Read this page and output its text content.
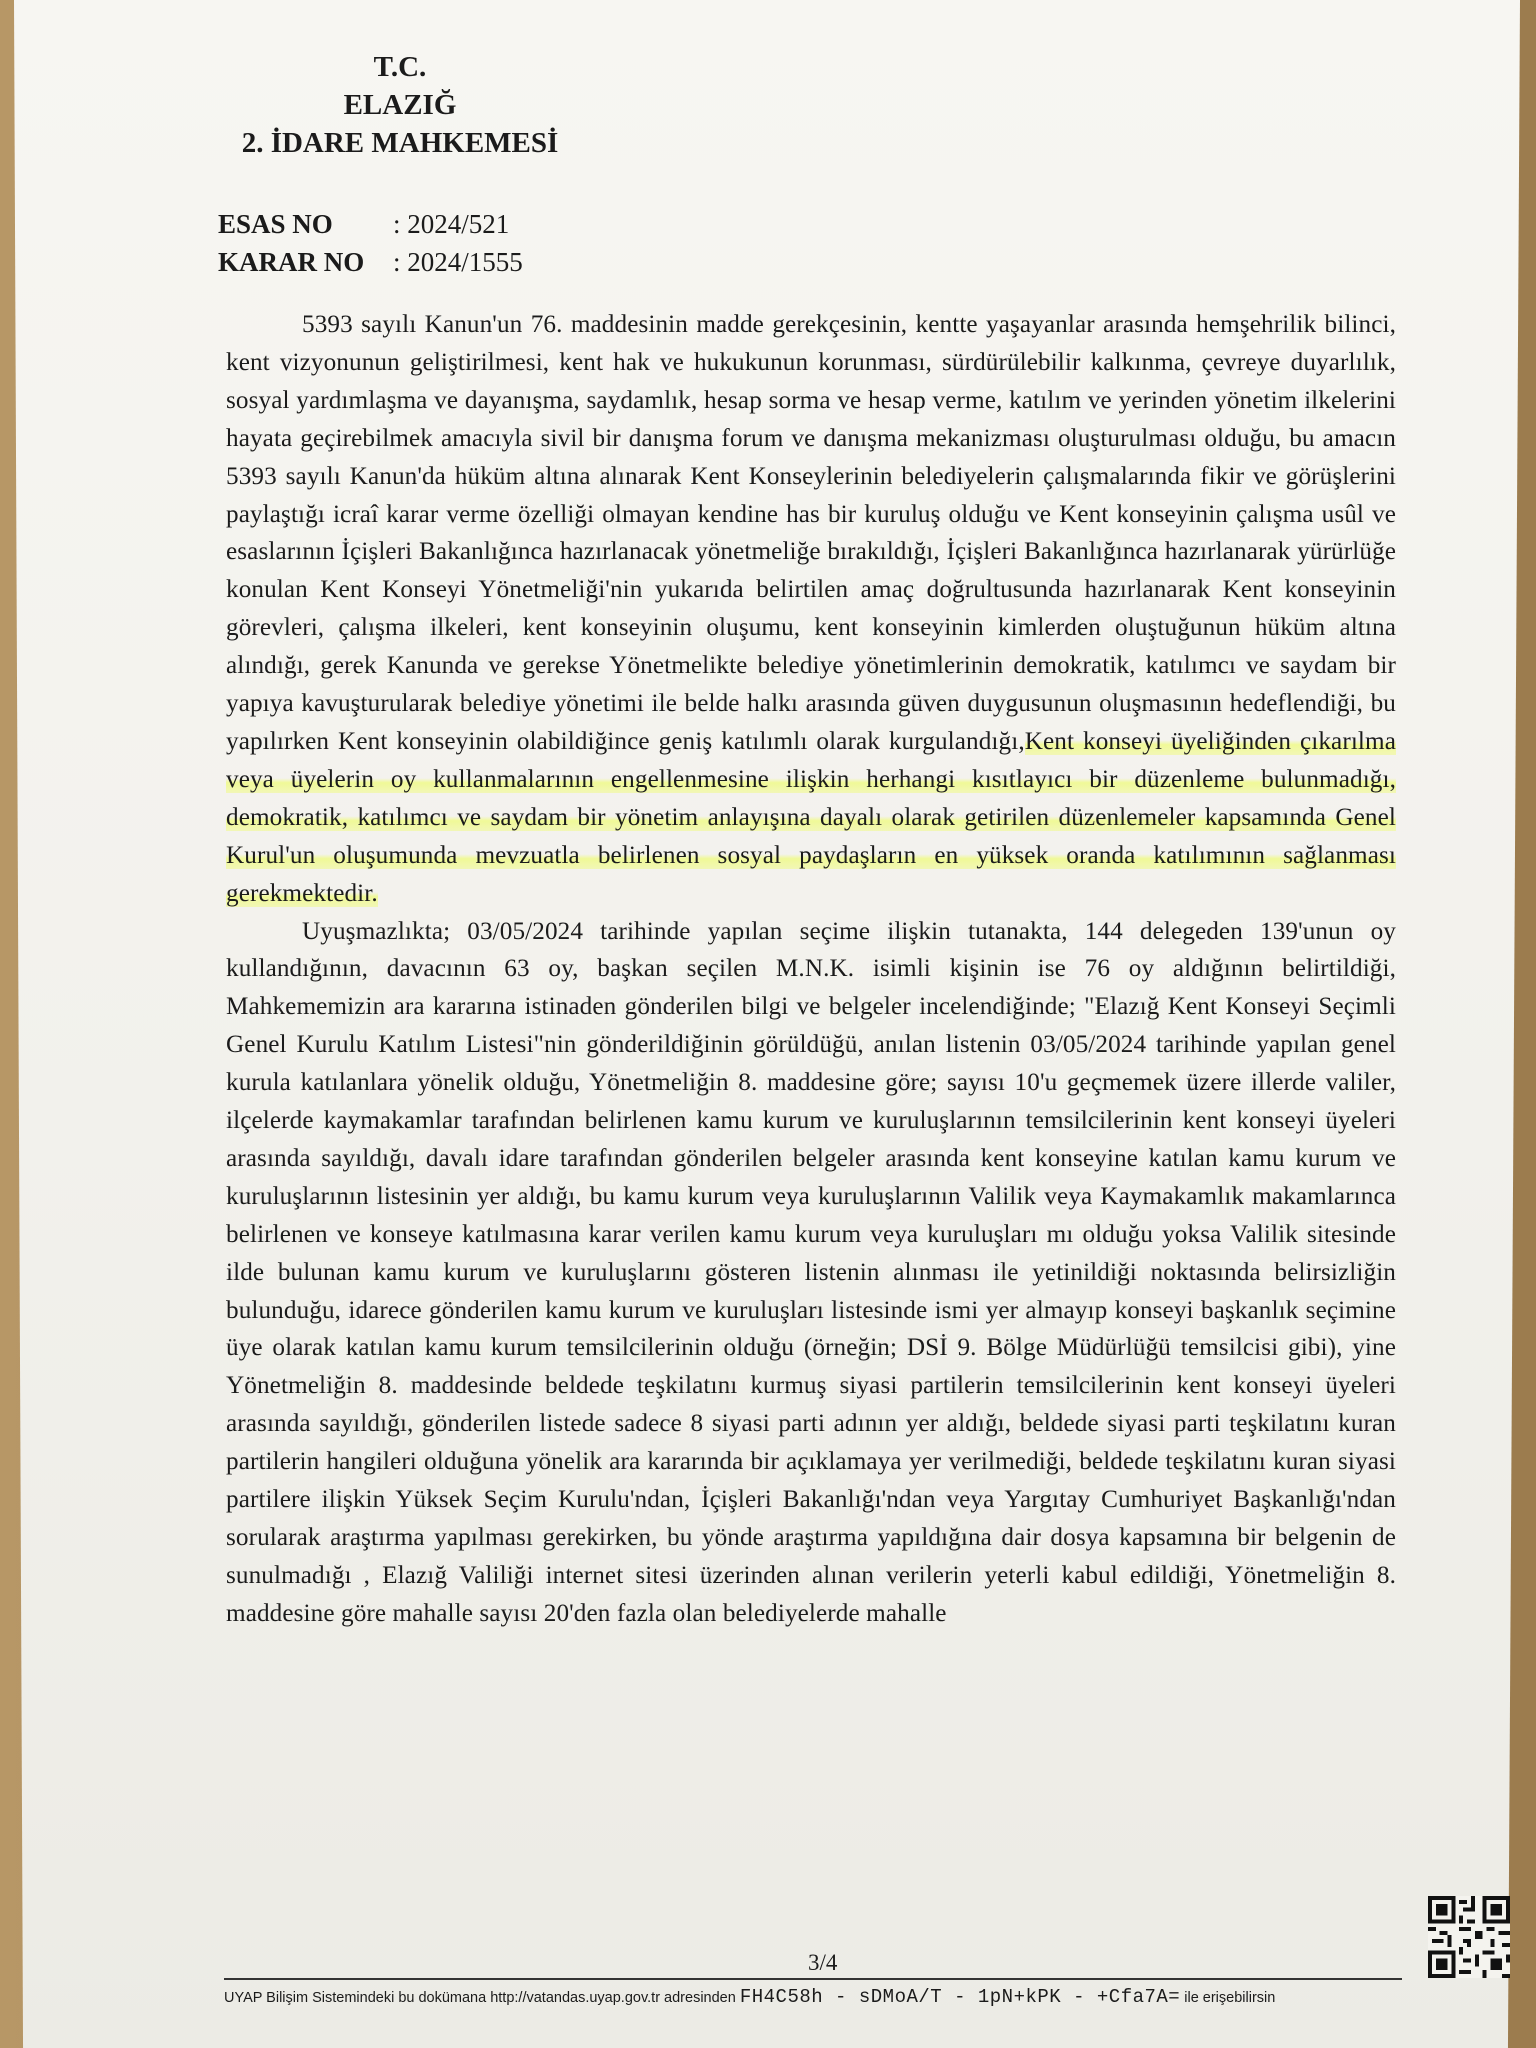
T.C.
ELAZIĞ
2. İDARE MAHKEMESİ
ESAS NO	: 2024/521
KARAR NO	: 2024/1555

5393 sayılı Kanun'un 76. maddesinin madde gerekçesinin, kentte yaşayanlar arasında hemşehrilik bilinci, kent vizyonunun geliştirilmesi, kent hak ve hukukunun korunması, sürdürülebilir kalkınma, çevreye duyarlılık, sosyal yardımlaşma ve dayanışma, saydamlık, hesap sorma ve hesap verme, katılım ve yerinden yönetim ilkelerini hayata geçirebilmek amacıyla sivil bir danışma forum ve danışma mekanizması oluşturulması olduğu, bu amacın 5393 sayılı Kanun'da hüküm altına alınarak Kent Konseylerinin belediyelerin çalışmalarında fikir ve görüşlerini paylaştığı icraî karar verme özelliği olmayan kendine has bir kuruluş olduğu ve Kent konseyinin çalışma usûl ve esaslarının İçişleri Bakanlığınca hazırlanacak yönetmeliğe bırakıldığı, İçişleri Bakanlığınca hazırlanarak yürürlüğe konulan Kent Konseyi Yönetmeliği'nin yukarıda belirtilen amaç doğrultusunda hazırlanarak Kent konseyinin görevleri, çalışma ilkeleri, kent konseyinin oluşumu, kent konseyinin kimlerden oluştuğunun hüküm altına alındığı, gerek Kanunda ve gerekse Yönetmelikte belediye yönetimlerinin demokratik, katılımcı ve saydam bir yapıya kavuşturularak belediye yönetimi ile belde halkı arasında güven duygusunun oluşmasının hedeflendiği, bu yapılırken Kent konseyinin olabildiğince geniş katılımlı olarak kurgulandığı,Kent konseyi üyeliğinden çıkarılma veya üyelerin oy kullanmalarının engellenmesine ilişkin herhangi kısıtlayıcı bir düzenleme bulunmadığı, demokratik, katılımcı ve saydam bir yönetim anlayışına dayalı olarak getirilen düzenlemeler kapsamında Genel Kurul'un oluşumunda mevzuatla belirlenen sosyal paydaşların en yüksek oranda katılımının sağlanması gerekmektedir.

Uyuşmazlıkta; 03/05/2024 tarihinde yapılan seçime ilişkin tutanakta, 144 delegeden 139'unun oy kullandığının, davacının 63 oy, başkan seçilen M.N.K. isimli kişinin ise 76 oy aldığının belirtildiği, Mahkememizin ara kararına istinaden gönderilen bilgi ve belgeler incelendiğinde; "Elazığ Kent Konseyi Seçimli Genel Kurulu Katılım Listesi"nin gönderildiğinin görüldüğü, anılan listenin 03/05/2024 tarihinde yapılan genel kurula katılanlara yönelik olduğu, Yönetmeliğin 8. maddesine göre; sayısı 10'u geçmemek üzere illerde valiler, ilçelerde kaymakamlar tarafından belirlenen kamu kurum ve kuruluşlarının temsilcilerinin kent konseyi üyeleri arasında sayıldığı, davalı idare tarafından gönderilen belgeler arasında kent konseyine katılan kamu kurum ve kuruluşlarının listesinin yer aldığı, bu kamu kurum veya kuruluşlarının Valilik veya Kaymakamlık makamlarınca belirlenen ve konseye katılmasına karar verilen kamu kurum veya kuruluşları mı olduğu yoksa Valilik sitesinde ilde bulunan kamu kurum ve kuruluşlarını gösteren listenin alınması ile yetinildiği noktasında belirsizliğin bulunduğu, idarece gönderilen kamu kurum ve kuruluşları listesinde ismi yer almayıp konseyi başkanlık seçimine üye olarak katılan kamu kurum temsilcilerinin olduğu (örneğin; DSİ 9. Bölge Müdürlüğü temsilcisi gibi), yine Yönetmeliğin 8. maddesinde beldede teşkilatını kurmuş siyasi partilerin temsilcilerinin kent konseyi üyeleri arasında sayıldığı, gönderilen listede sadece 8 siyasi parti adının yer aldığı, beldede siyasi parti teşkilatını kuran partilerin hangileri olduğuna yönelik ara kararında bir açıklamaya yer verilmediği, beldede teşkilatını kuran siyasi partilere ilişkin Yüksek Seçim Kurulu'ndan, İçişleri Bakanlığı'ndan veya Yargıtay Cumhuriyet Başkanlığı'ndan sorularak araştırma yapılması gerekirken, bu yönde araştırma yapıldığına dair dosya kapsamına bir belgenin de sunulmadığı , Elazığ Valiliği internet sitesi üzerinden alınan verilerin yeterli kabul edildiği, Yönetmeliğin 8. maddesine göre mahalle sayısı 20'den fazla olan belediyelerde mahalle

3/4
UYAP Bilişim Sistemindeki bu dokümana http://vatandas.uyap.gov.tr adresinden FH4C58h - sDMoA/T - 1pN+kPK - +Cfa7A= ile erişebilirsin
